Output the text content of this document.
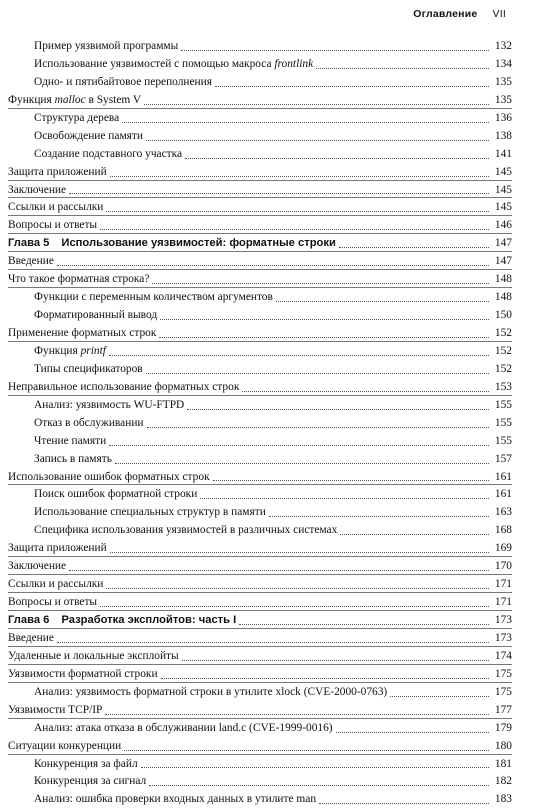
Оглавление VII
Пример уязвимой программы	132
Использование уязвимостей с помощью макроса frontlink	134
Одно- и пятибайтовое переполнения	135
Функция malloc в System V	135
Структура дерева	136
Освобождение памяти	138
Создание подставного участка	141
Защита приложений	145
Заключение	145
Ссылки и рассылки	145
Вопросы и ответы	146
Глава 5 Использование уязвимостей: форматные строки	147
Введение	147
Что такое форматная строка?	148
Функции с переменным количеством аргументов	148
Форматированный вывод	150
Применение форматных строк	152
Функция printf	152
Типы спецификаторов	152
Неправильное использование форматных строк	153
Анализ: уязвимость WU-FTPD	155
Отказ в обслуживании	155
Чтение памяти	155
Запись в память	157
Использование ошибок форматных строк	161
Поиск ошибок форматной строки	161
Использование специальных структур в памяти	163
Специфика использования уязвимостей в различных системах	168
Защита приложений	169
Заключение	170
Ссылки и рассылки	171
Вопросы и ответы	171
Глава 6 Разработка эксплойтов: часть I	173
Введение	173
Удаленные и локальные эксплойты	174
Уязвимости форматной строки	175
Анализ: уязвимость форматной строки в утилите xlock (CVE-2000-0763)	175
Уязвимости TCP/IP	177
Анализ: атака отказа в обслуживании land.c (CVE-1999-0016)	179
Ситуации конкуренции	180
Конкуренция за файл	181
Конкуренция за сигнал	182
Анализ: ошибка проверки входных данных в утилите man	183
